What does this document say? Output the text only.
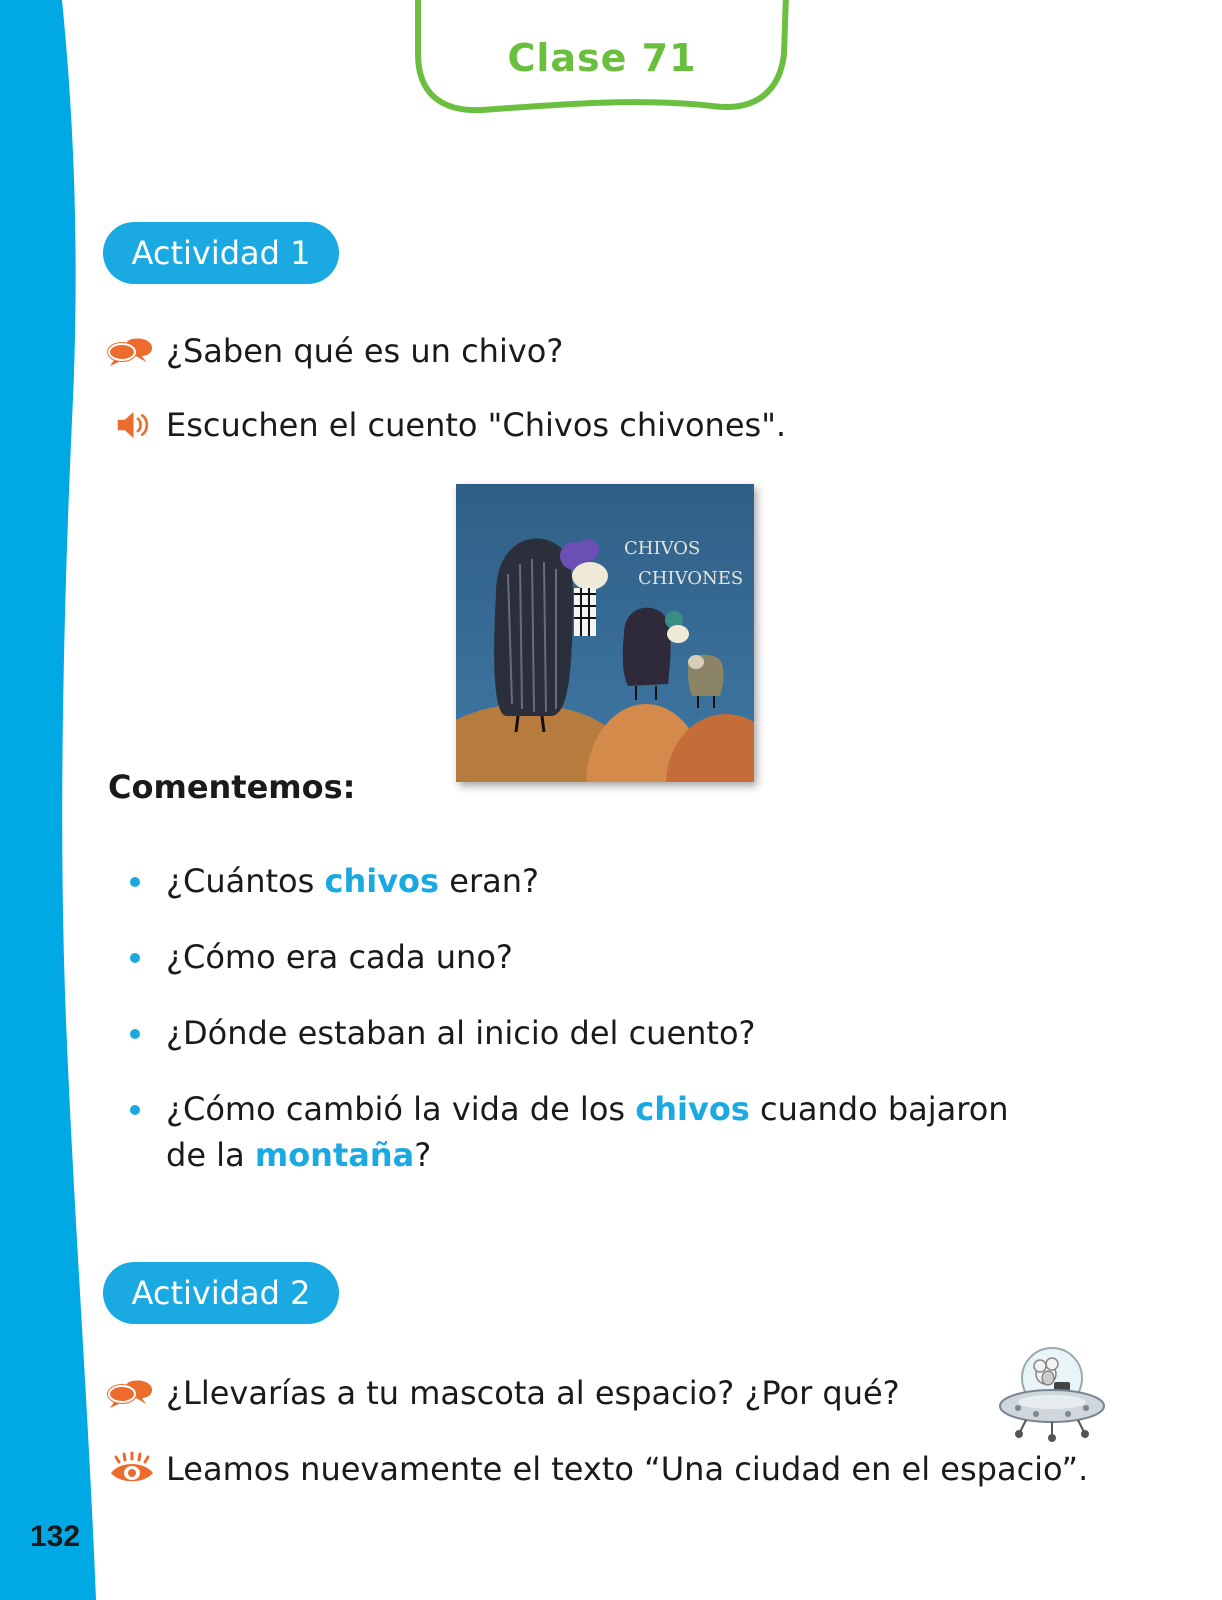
132
Clase 71
Actividad 1
¿Saben qué es un chivo?
Escuchen el cuento "Chivos chivones".
CHIVOS
CHIVONES
Comentemos:
¿Cuántos chivos eran?
¿Cómo era cada uno?
¿Dónde estaban al inicio del cuento?
¿Cómo cambió la vida de los chivos cuando bajaron de la montaña?
Actividad 2
¿Llevarías a tu mascota al espacio? ¿Por qué?
Leamos nuevamente el texto “Una ciudad en el espacio”.
